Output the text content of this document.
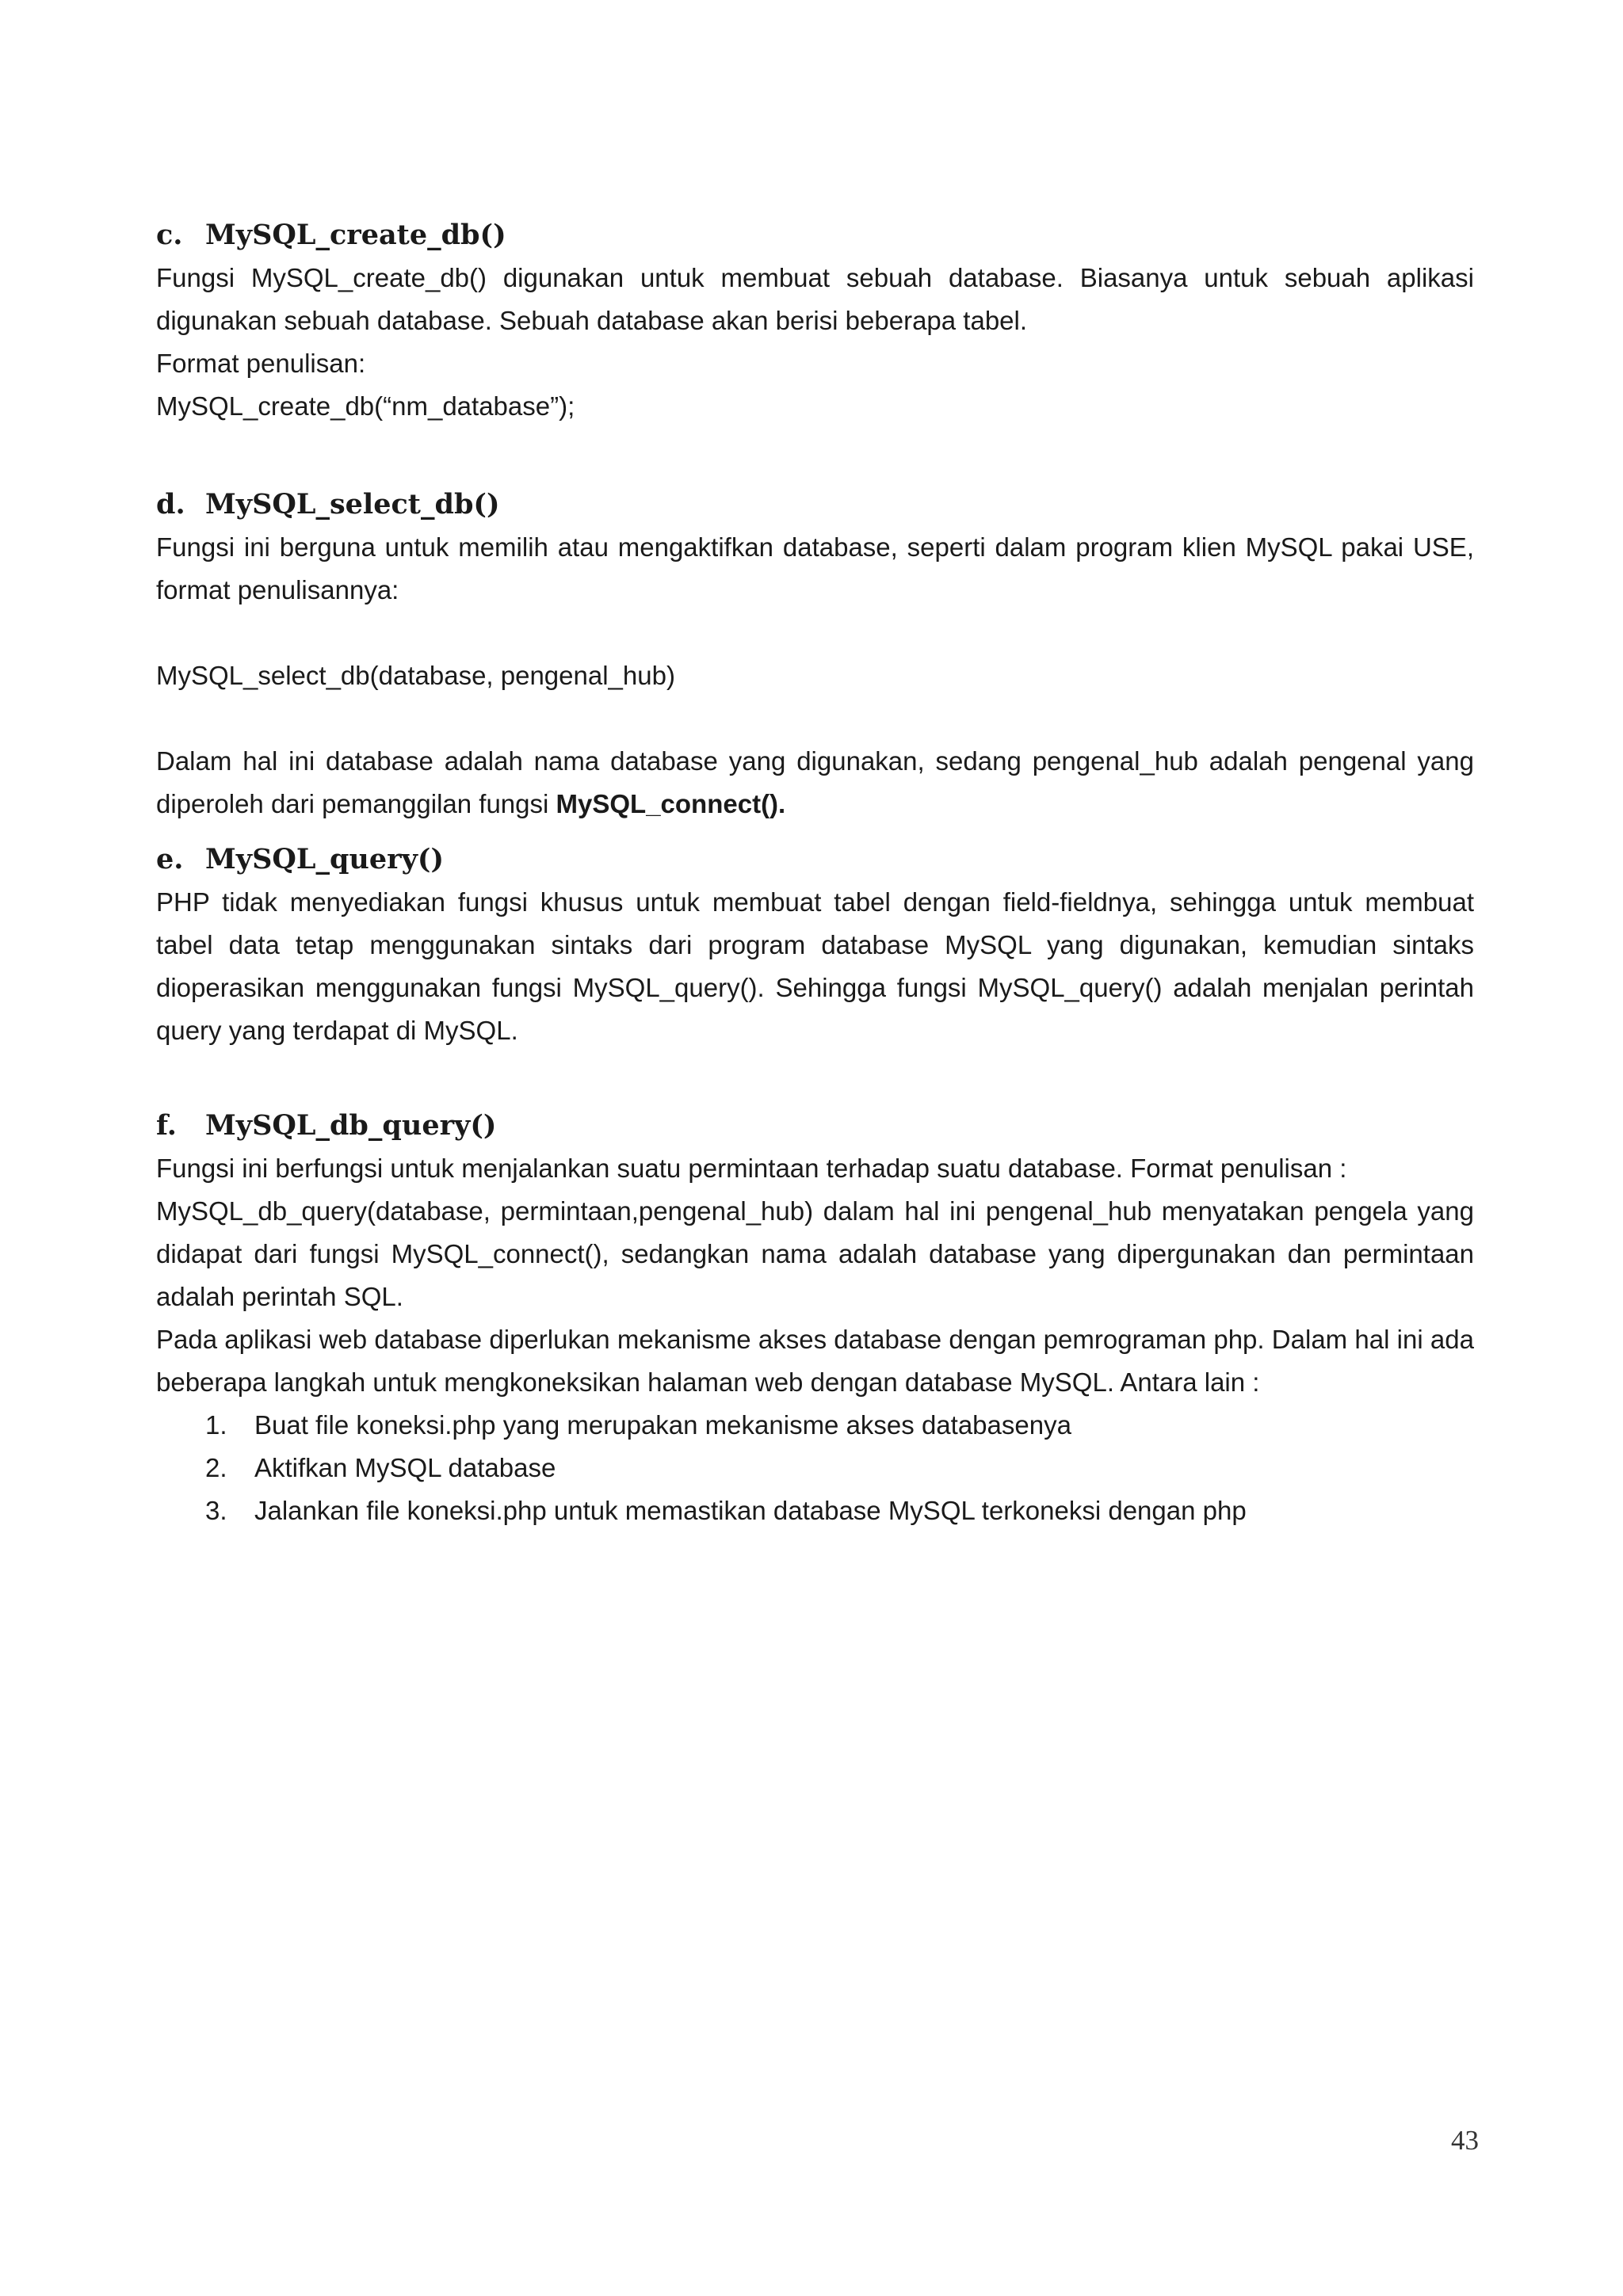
c. MySQL_create_db()

Fungsi MySQL_create_db() digunakan untuk membuat sebuah database. Biasanya untuk sebuah aplikasi digunakan sebuah database. Sebuah database akan berisi beberapa tabel.

Format penulisan:
MySQL_create_db(“nm_database”);
d. MySQL_select_db()

Fungsi ini berguna untuk memilih atau mengaktifkan database, seperti dalam program klien MySQL pakai USE, format penulisannya:

MySQL_select_db(database, pengenal_hub)

Dalam hal ini database adalah nama database yang digunakan, sedang pengenal_hub adalah pengenal yang diperoleh dari pemanggilan fungsi MySQL_connect().

e. MySQL_query()

PHP tidak menyediakan fungsi khusus untuk membuat tabel dengan field-fieldnya, sehingga untuk membuat tabel data tetap menggunakan sintaks dari program database MySQL yang digunakan, kemudian sintaks dioperasikan menggunakan fungsi MySQL_query(). Sehingga fungsi MySQL_query() adalah menjalan perintah query yang terdapat di MySQL.

f. MySQL_db_query()

Fungsi ini berfungsi untuk menjalankan suatu permintaan terhadap suatu database. Format penulisan :

MySQL_db_query(database, permintaan,pengenal_hub) dalam hal ini pengenal_hub menyatakan pengela yang didapat dari fungsi MySQL_connect(), sedangkan nama adalah database yang dipergunakan dan permintaan adalah perintah SQL.

Pada aplikasi web database diperlukan mekanisme akses database dengan pemrograman php. Dalam hal ini ada beberapa langkah untuk mengkoneksikan halaman web dengan database MySQL. Antara lain :

1. Buat file koneksi.php yang merupakan mekanisme akses databasenya
2. Aktifkan MySQL database
3. Jalankan file koneksi.php untuk memastikan database MySQL terkoneksi dengan php
43
